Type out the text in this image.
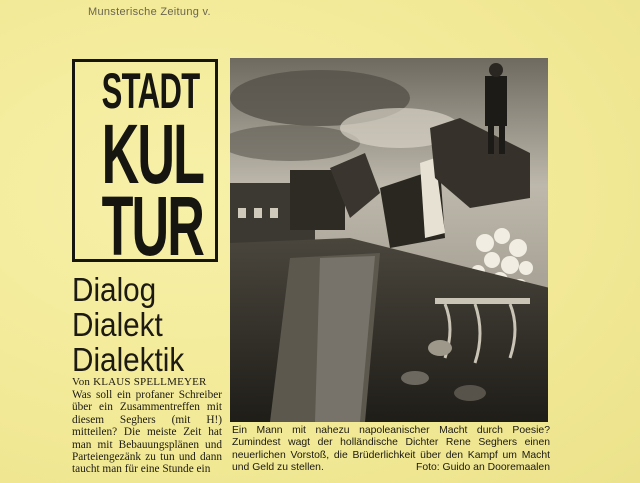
Munsterische Zeitung v.
STADT
KUL
TUR
Dialog
Dialekt
Dialektik
Von KLAUS SPELLMEYER
Was soll ein profaner Schreiber über ein Zusammentreffen mit diesem Seghers (mit H!) mitteilen? Die meiste Zeit hat man mit Bebauungsplänen und Parteiengezänk zu tun und dann taucht man für eine Stunde ein
Ein Mann mit nahezu napoleanischer Macht durch Poesie? Zumindest wagt der holländische Dichter Rene Seghers einen neuerlichen Vorstoß, die Brüderlichkeit über den Kampf um Macht und Geld zu stellen.	Foto: Guido an Dooremaalen
